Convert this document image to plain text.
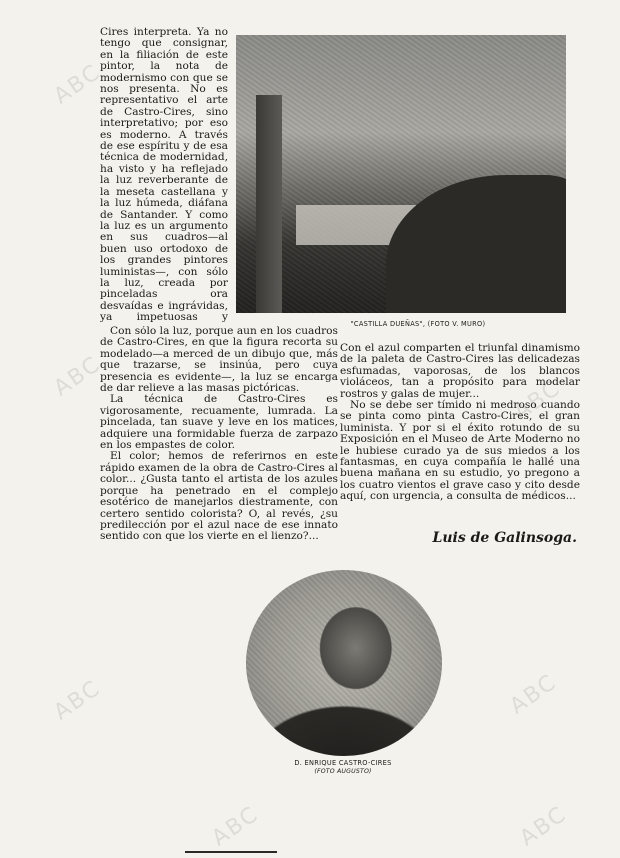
ABC
ABC	ABC
ABC	ABC
ABC	ABC

Cires interpreta. Ya no tengo que consignar, en la filiación de este pintor, la nota de modernismo con que se nos presenta. No es representativo el arte de Castro-Cires, sino interpretativo; por eso es moderno. A través de ese espíritu y de esa técnica de modernidad, ha visto y ha reflejado la luz reverberante de la meseta castellana y la luz húmeda, diáfana de Santander. Y como la luz es un argumento en sus cuadros—al buen uso ortodoxo de los grandes pintores luministas—, con sólo la luz, creada por pinceladas ora desvaídas e ingrávidas, ya impetuosas y

"CASTILLA DUEÑAS", (FOTO V. MURO)

Con sólo la luz, porque aun en los cuadros de Castro-Cires, en que la figura recorta su modelado—a merced de un dibujo que, más que trazarse, se insinúa, pero cuya presencia es evidente—, la luz se encarga de dar relieve a las masas pictóricas.

La técnica de Castro-Cires es vigorosamente, recuamente, lumrada. La pincelada, tan suave y leve en los matices, adquiere una formidable fuerza de zarpazo en los empastes de color.

El color; hemos de referirnos en este rápido examen de la obra de Castro-Cires al color... ¿Gusta tanto el artista de los azules porque ha penetrado en el complejo esotérico de manejarlos diestramente, con certero sentido colorista? O, al revés, ¿su predilección por el azul nace de ese innato sentido con que los vierte en el lienzo?...

Con el azul comparten el triunfal dinamismo de la paleta de Castro-Cires las delicadezas esfumadas, vaporosas, de los blancos violáceos, tan a propósito para modelar rostros y galas de mujer...

No se debe ser tímido ni medroso cuando se pinta como pinta Castro-Cires, el gran luminista. Y por si el éxito rotundo de su Exposición en el Museo de Arte Moderno no le hubiese curado ya de sus miedos a los fantasmas, en cuya compañía le hallé una buena mañana en su estudio, yo pregono a los cuatro vientos el grave caso y cito desde aquí, con urgencia, a consulta de médicos...

Luis de Galinsoga.
D. ENRIQUE CASTRO-CIRES
(FOTO AUGUSTO)
